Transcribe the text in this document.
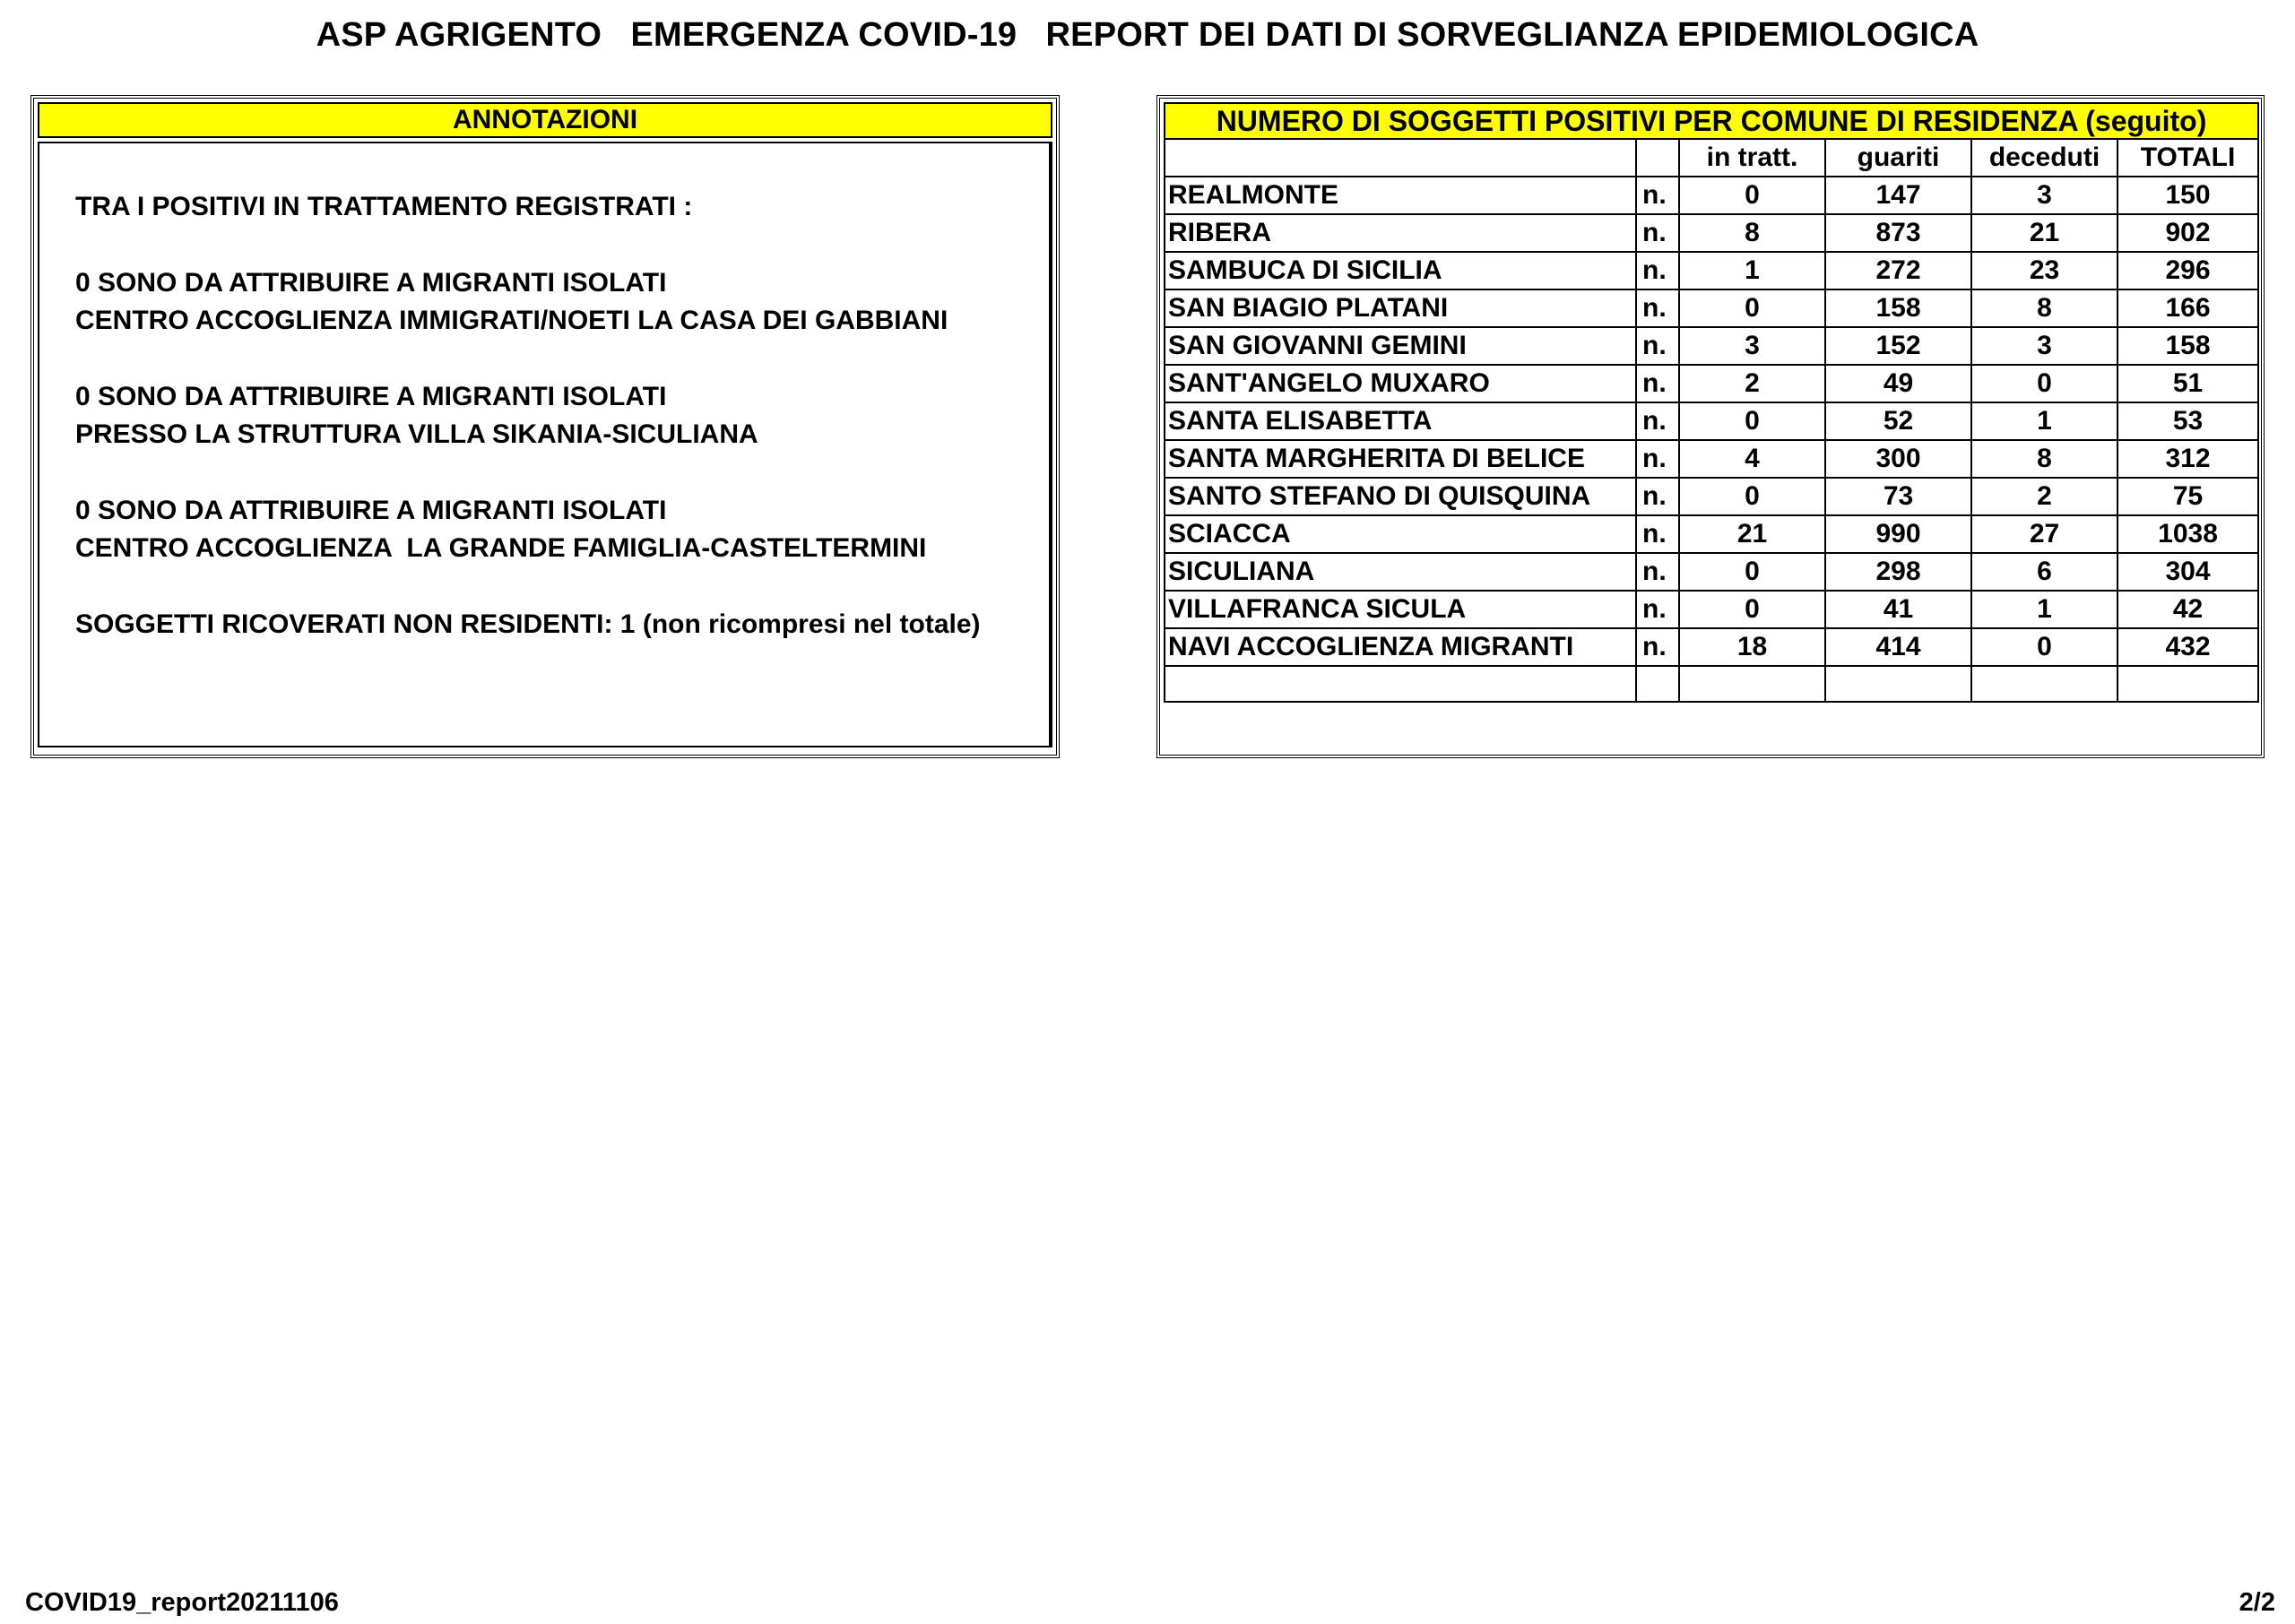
ASP AGRIGENTO   EMERGENZA COVID-19   REPORT DEI DATI DI SORVEGLIANZA EPIDEMIOLOGICA
ANNOTAZIONI
TRA I POSITIVI IN TRATTAMENTO REGISTRATI :
0 SONO DA ATTRIBUIRE A MIGRANTI ISOLATI
CENTRO ACCOGLIENZA IMMIGRATI/NOETI LA CASA DEI GABBIANI
0 SONO DA ATTRIBUIRE A MIGRANTI ISOLATI
PRESSO LA STRUTTURA VILLA SIKANIA-SICULIANA
0 SONO DA ATTRIBUIRE A MIGRANTI ISOLATI
CENTRO ACCOGLIENZA  LA GRANDE FAMIGLIA-CASTELTERMINI
SOGGETTI RICOVERATI NON RESIDENTI: 1 (non ricompresi nel totale)
NUMERO DI SOGGETTI POSITIVI PER COMUNE DI RESIDENZA (seguito)					
		in tratt.	guariti	deceduti	TOTALI
REALMONTE	n.	0	147	3	150
RIBERA	n.	8	873	21	902
SAMBUCA DI SICILIA	n.	1	272	23	296
SAN BIAGIO PLATANI	n.	0	158	8	166
SAN GIOVANNI GEMINI	n.	3	152	3	158
SANT'ANGELO MUXARO	n.	2	49	0	51
SANTA ELISABETTA	n.	0	52	1	53
SANTA MARGHERITA DI BELICE	n.	4	300	8	312
SANTO STEFANO DI QUISQUINA	n.	0	73	2	75
SCIACCA	n.	21	990	27	1038
SICULIANA	n.	0	298	6	304
VILLAFRANCA SICULA	n.	0	41	1	42
NAVI ACCOGLIENZA MIGRANTI	n.	18	414	0	432

COVID19_report20211106	2/2
